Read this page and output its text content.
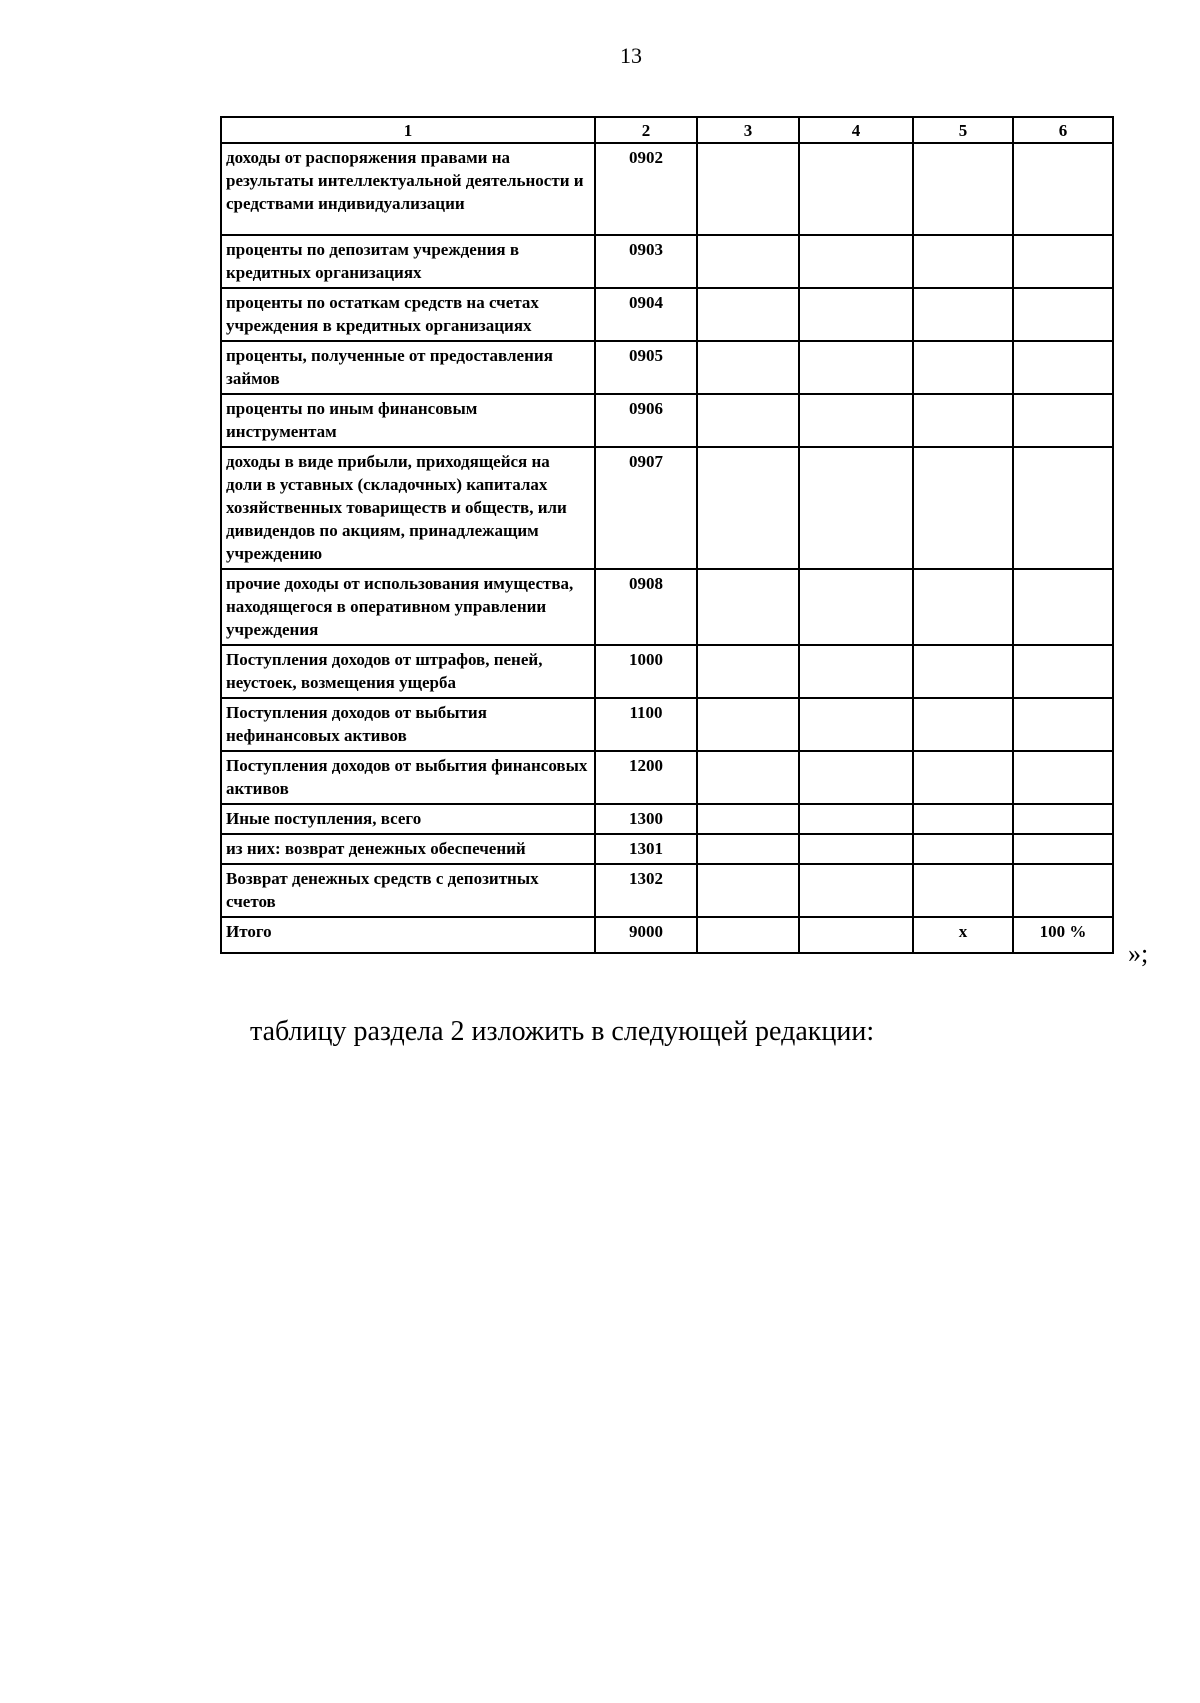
13
1	2	3	4	5	6
доходы от распоряжения правами на результаты интеллектуальной деятельности и средствами индивидуализации	0902				
проценты по депозитам учреждения в кредитных организациях	0903				
проценты по остаткам средств на счетах учреждения в кредитных организациях	0904				
проценты, полученные от предоставления займов	0905				
проценты по иным финансовым инструментам	0906				
доходы в виде прибыли, приходящейся на доли в уставных (складочных) капиталах хозяйственных товариществ и обществ, или дивидендов по акциям, принадлежащим учреждению	0907				
прочие доходы от использования имущества, находящегося в оперативном управлении учреждения	0908				
Поступления доходов от штрафов, пеней, неустоек, возмещения ущерба	1000				
Поступления доходов от выбытия нефинансовых активов	1100				
Поступления доходов от выбытия финансовых активов	1200				
Иные поступления, всего	1300				
из них: возврат денежных обеспечений	1301				
Возврат денежных средств с депозитных счетов	1302				
Итого	9000			х	100 %
»;
таблицу раздела 2 изложить в следующей редакции:
